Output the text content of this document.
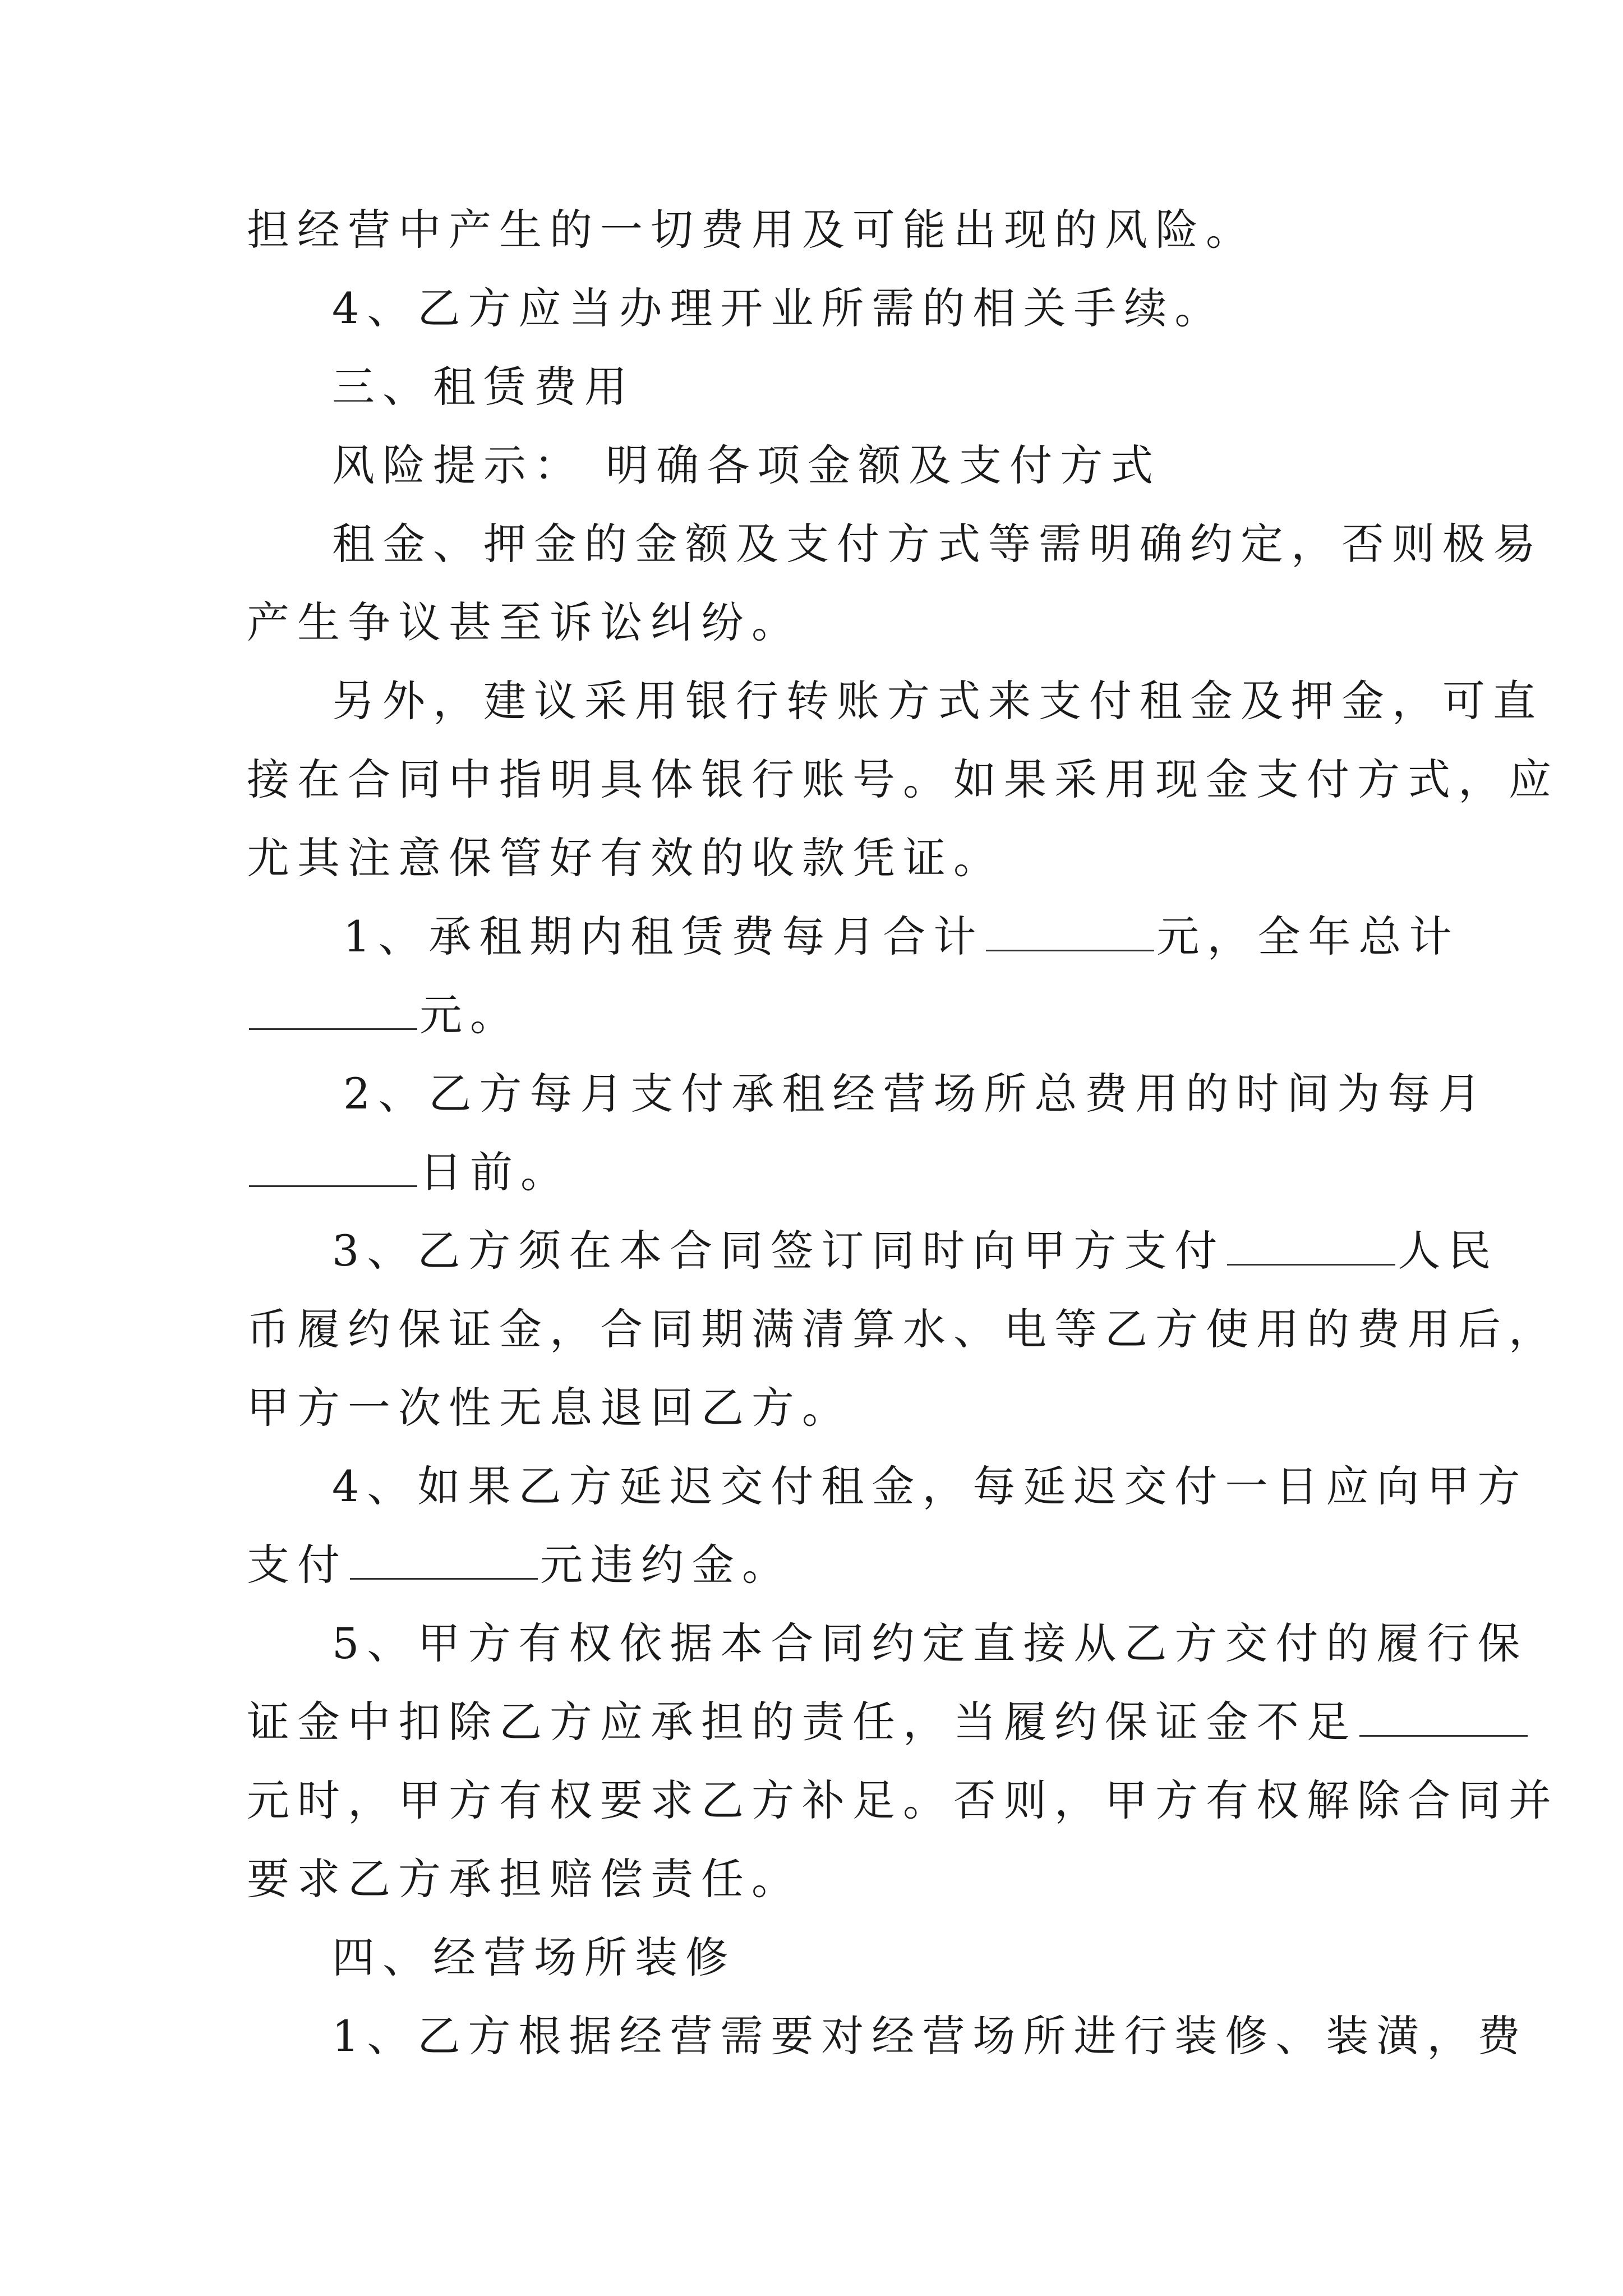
担经营中产生的一切费用及可能出现的风险。
4、乙方应当办理开业所需的相关手续。
三、租赁费用
风险提示： 明确各项金额及支付方式
租金、押金的金额及支付方式等需明确约定，否则极易
产生争议甚至诉讼纠纷。
另外，建议采用银行转账方式来支付租金及押金，可直
接在合同中指明具体银行账号。如果采用现金支付方式，应
尤其注意保管好有效的收款凭证。
1、承租期内租赁费每月合计	元，全年总计
元。
2、乙方每月支付承租经营场所总费用的时间为每月
日前。
3、乙方须在本合同签订同时向甲方支付	人民
币履约保证金，合同期满清算水、电等乙方使用的费用后，
甲方一次性无息退回乙方。
4、如果乙方延迟交付租金，每延迟交付一日应向甲方
支付	元违约金。
5、甲方有权依据本合同约定直接从乙方交付的履行保
证金中扣除乙方应承担的责任，当履约保证金不足
元时，甲方有权要求乙方补足。否则，甲方有权解除合同并
要求乙方承担赔偿责任。
四、经营场所装修
1、乙方根据经营需要对经营场所进行装修、装潢，费
